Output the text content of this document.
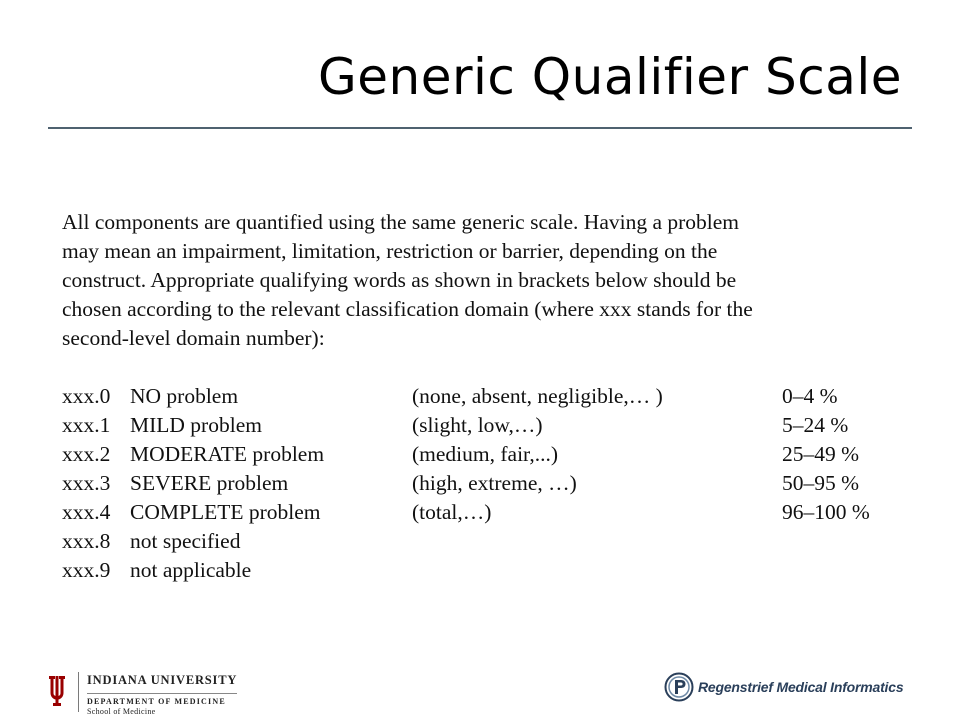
Generic Qualifier Scale

All components are quantified using the same generic scale. Having a problem
may mean an impairment, limitation, restriction or barrier, depending on the
construct. Appropriate qualifying words as shown in brackets below should be
chosen according to the relevant classification domain (where xxx stands for the
second-level domain number):

xxx.0 NO problem	(none, absent, negligible,… )	0–4 %
xxx.1 MILD problem	(slight, low,…)	5–24 %
xxx.2 MODERATE problem	(medium, fair,...)	25–49 %
xxx.3 SEVERE problem	(high, extreme, …)	50–95 %
xxx.4 COMPLETE problem	(total,…)	96–100 %
xxx.8 not specified
xxx.9 not applicable
INDIANA UNIVERSITY
DEPARTMENT OF MEDICINE
School of Medicine
Regenstrief Medical Informatics
